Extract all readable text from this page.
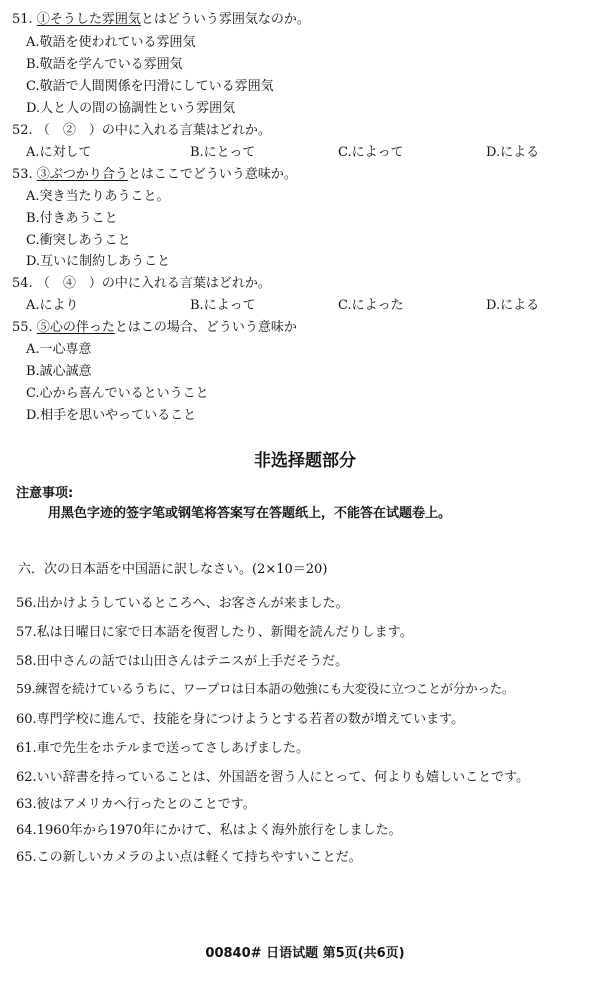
51. ①そうした雰囲気とはどういう雰囲気なのか。
A.敬語を使われている雰囲気
B.敬語を学んでいる雰囲気
C.敬語で人間関係を円滑にしている雰囲気
D.人と人の間の協調性という雰囲気
52. （　②　）の中に入れる言葉はどれか。
A.に対して	B.にとって	C.によって	D.による
53. ③ぶつかり合うとはここでどういう意味か。
A.突き当たりあうこと。
B.付きあうこと
C.衝突しあうこと
D.互いに制約しあうこと
54. （　④　）の中に入れる言葉はどれか。
A.により	B.によって	C.によった	D.による
55. ⑤心の伴ったとはこの場合、どういう意味か
A.一心専意
B.誠心誠意
C.心から喜んでいるということ
D.相手を思いやっていること
非选择题部分
注意事项:
用黑色字迹的签字笔或钢笔将答案写在答题纸上，不能答在试题卷上。
六．次の日本語を中国語に訳しなさい。(2×10＝20)
56.出かけようしているところへ、お客さんが来ました。
57.私は日曜日に家で日本語を復習したり、新聞を読んだりします。
58.田中さんの話では山田さんはテニスが上手だそうだ。
59.練習を続けているうちに、ワープロは日本語の勉強にも大変役に立つことが分かった。
60.専門学校に進んで、技能を身につけようとする若者の数が増えています。
61.車で先生をホテルまで送ってさしあげました。
62.いい辞書を持っていることは、外国語を習う人にとって、何よりも嬉しいことです。
63.彼はアメリカへ行ったとのことです。
64.1960年から1970年にかけて、私はよく海外旅行をしました。
65.この新しいカメラのよい点は軽くて持ちやすいことだ。
00840# 日语试题 第5页(共6页)
